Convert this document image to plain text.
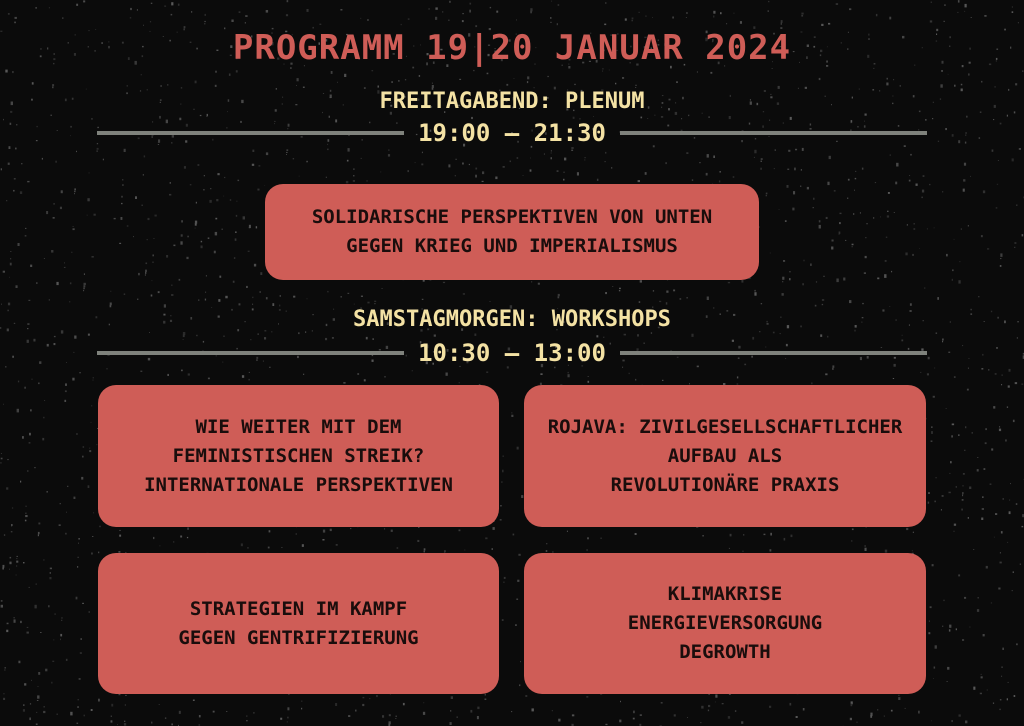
PROGRAMM 19|20 JANUAR 2024
FREITAGABEND: PLENUM
19:00 – 21:30
SOLIDARISCHE PERSPEKTIVEN VON UNTEN
GEGEN KRIEG UND IMPERIALISMUS
SAMSTAGMORGEN: WORKSHOPS
10:30 – 13:00
WIE WEITER MIT DEM
FEMINISTISCHEN STREIK?
INTERNATIONALE PERSPEKTIVEN
ROJAVA: ZIVILGESELLSCHAFTLICHER
AUFBAU ALS
REVOLUTIONÄRE PRAXIS
STRATEGIEN IM KAMPF
GEGEN GENTRIFIZIERUNG
KLIMAKRISE
ENERGIEVERSORGUNG
DEGROWTH
